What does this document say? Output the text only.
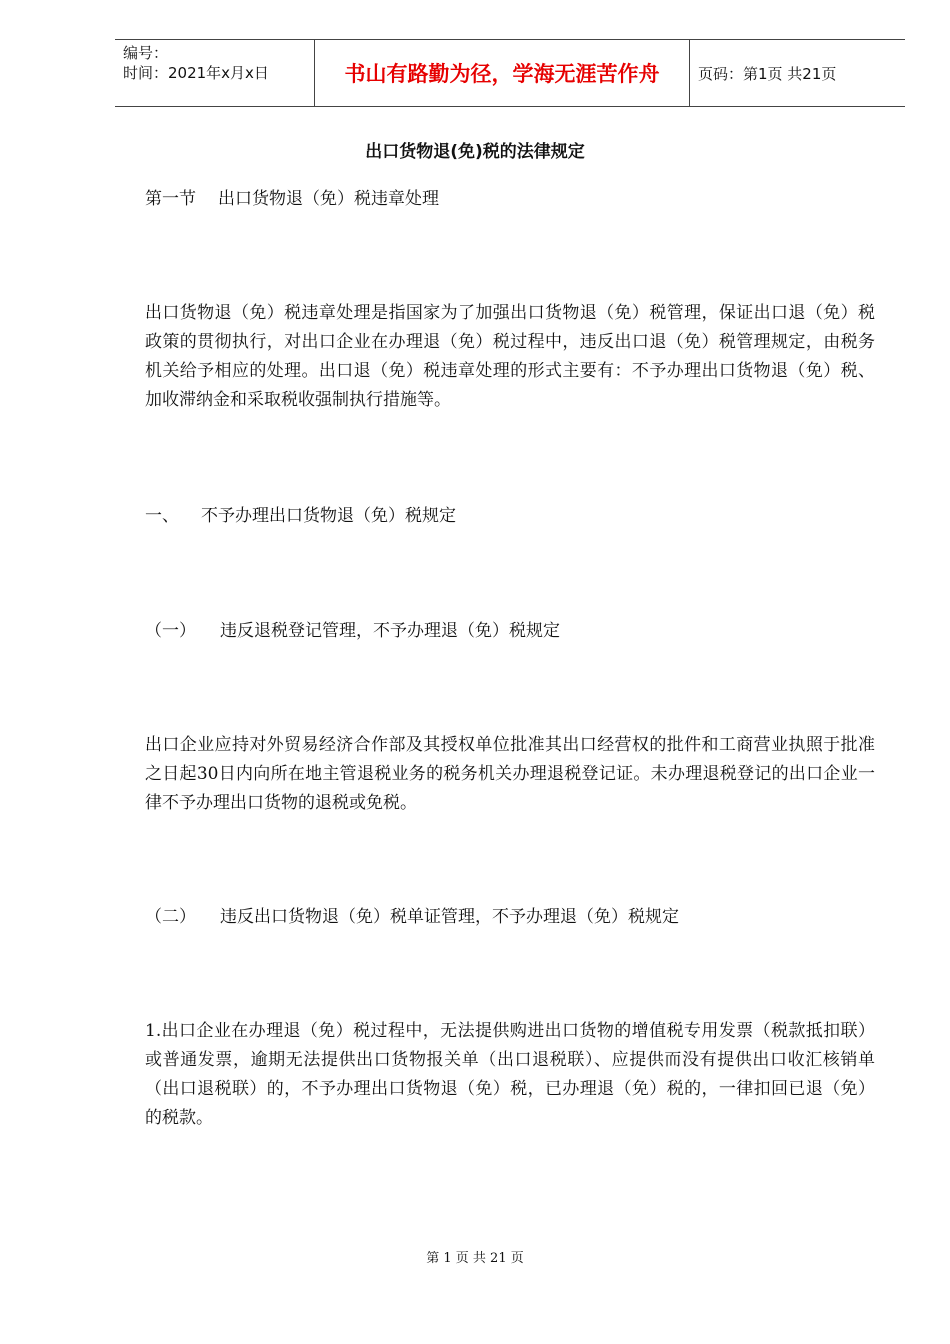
编号：
时间：2021年x月x日	书山有路勤为径，学海无涯苦作舟	页码：第1页 共21页
出口货物退(免)税的法律规定
第一节 出口货物退（免）税违章处理
出口货物退（免）税违章处理是指国家为了加强出口货物退（免）税管理，保证出口退（免）税政策的贯彻执行，对出口企业在办理退（免）税过程中，违反出口退（免）税管理规定，由税务机关给予相应的处理。出口退（免）税违章处理的形式主要有：不予办理出口货物退（免）税、加收滞纳金和采取税收强制执行措施等。
一、 不予办理出口货物退（免）税规定
（一） 违反退税登记管理，不予办理退（免）税规定
出口企业应持对外贸易经济合作部及其授权单位批准其出口经营权的批件和工商营业执照于批准之日起30日内向所在地主管退税业务的税务机关办理退税登记证。未办理退税登记的出口企业一律不予办理出口货物的退税或免税。
（二） 违反出口货物退（免）税单证管理，不予办理退（免）税规定
1.出口企业在办理退（免）税过程中，无法提供购进出口货物的增值税专用发票（税款抵扣联）或普通发票，逾期无法提供出口货物报关单（出口退税联）、应提供而没有提供出口收汇核销单（出口退税联）的，不予办理出口货物退（免）税，已办理退（免）税的，一律扣回已退（免）的税款。
第 1 页 共 21 页
